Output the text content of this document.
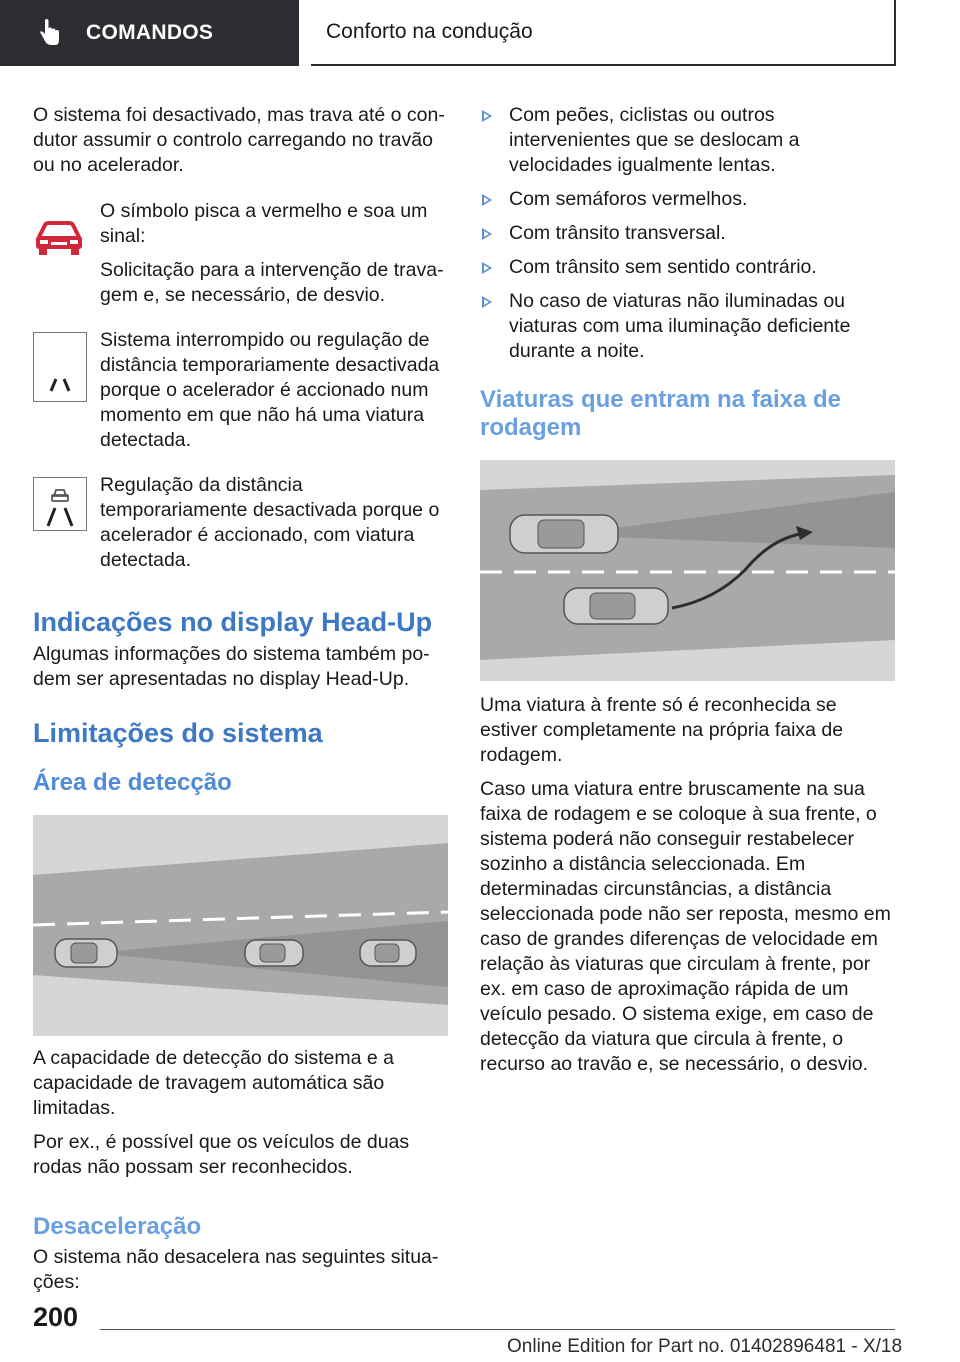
COMANDOS	Conforto na condução

O sistema foi desactivado, mas trava até o condutor assumir o controlo carregando no travão ou no acelerador.

O símbolo pisca a vermelho e soa um sinal:

Solicitação para a intervenção de travagem e, se necessário, de desvio.

Sistema interrompido ou regulação de distância temporariamente desactivada porque o acelerador é accionado num momento em que não há uma viatura detectada.

Regulação da distância temporariamente desactivada porque o acelerador é accionado, com viatura detectada.

Indicações no display Head-Up

Algumas informações do sistema também podem ser apresentadas no display Head-Up.

Limitações do sistema
Área de detecção

A capacidade de detecção do sistema e a capacidade de travagem automática são limitadas.

Por ex., é possível que os veículos de duas rodas não possam ser reconhecidos.

Desaceleração

O sistema não desacelera nas seguintes situações:

Com peões, ciclistas ou outros intervenientes que se deslocam a velocidades igualmente lentas.

Com semáforos vermelhos.

Com trânsito transversal.

Com trânsito sem sentido contrário.

No caso de viaturas não iluminadas ou viaturas com uma iluminação deficiente durante a noite.

Viaturas que entram na faixa de rodagem

Uma viatura à frente só é reconhecida se estiver completamente na própria faixa de rodagem.

Caso uma viatura entre bruscamente na sua faixa de rodagem e se coloque à sua frente, o sistema poderá não conseguir restabelecer sozinho a distância seleccionada. Em determinadas circunstâncias, a distância seleccionada pode não ser reposta, mesmo em caso de grandes diferenças de velocidade em relação às viaturas que circulam à frente, por ex. em caso de aproximação rápida de um veículo pesado. O sistema exige, em caso de detecção da viatura que circula à frente, o recurso ao travão e, se necessário, o desvio.

200
Online Edition for Part no. 01402896481 - X/18
